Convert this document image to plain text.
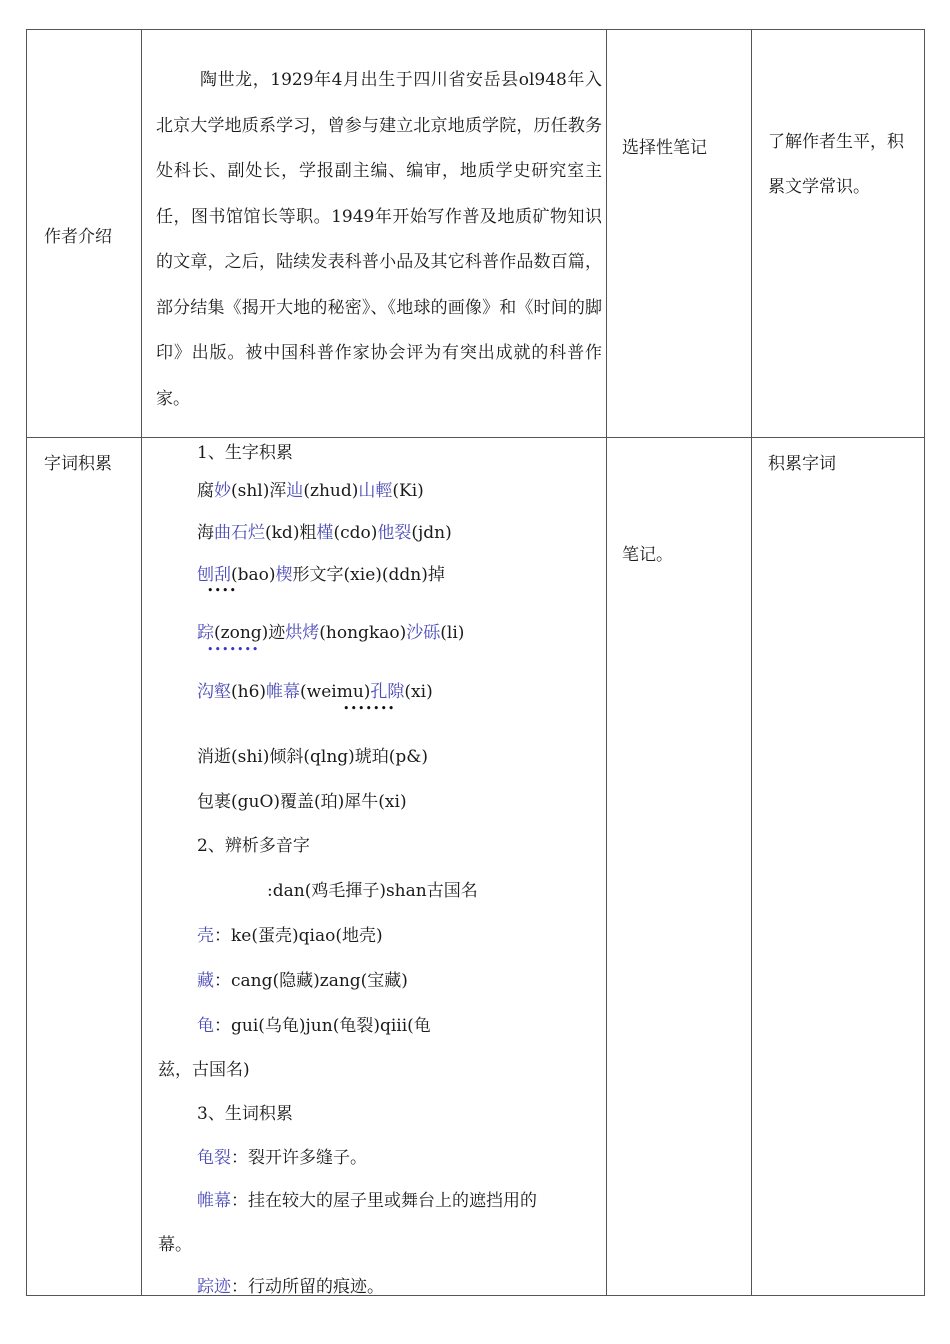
作者介绍
陶世龙，1929年4月出生于四川省安岳县ol948年入北京大学地质系学习，曾参与建立北京地质学院，历任教务处科长、副处长，学报副主编、编审，地质学史研究室主任，图书馆馆长等职。1949年开始写作普及地质矿物知识的文章，之后，陆续发表科普小品及其它科普作品数百篇，部分结集《揭开大地的秘密》、《地球的画像》和《时间的脚印》出版。被中国科普作家协会评为有突出成就的科普作家。
选择性笔记	了解作者生平，积
累文学常识。
字词积累
笔记。
积累字词
1、生字积累
腐妙(shl)浑辿(zhud)山輕(Ki)
海曲石烂(kd)粗槿(cdo)他裂(jdn)
刨刮(bao)楔形文字(xie)(ddn)掉
••••
踪(zong)迹烘烤(hongkao)沙砾(li)
•••••••
沟壑(h6)帷幕(weimu)孔隙(xi)
•••••••
消逝(shi)倾斜(qlng)琥珀(p&)
包裹(guO)覆盖(珀)犀牛(xi)
2、辨析多音字
:dan(鸡毛揮子)shan古国名
壳：ke(蛋壳)qiao(地壳)
藏：cang(隐藏)zang(宝藏)
龟：gui(乌龟)jun(龟裂)qiii(龟
兹，古国名)
3、生词积累
龟裂：裂开许多缝子。
帷幕：挂在较大的屋子里或舞台上的遮挡用的
幕。
踪迹：行动所留的痕迹。
